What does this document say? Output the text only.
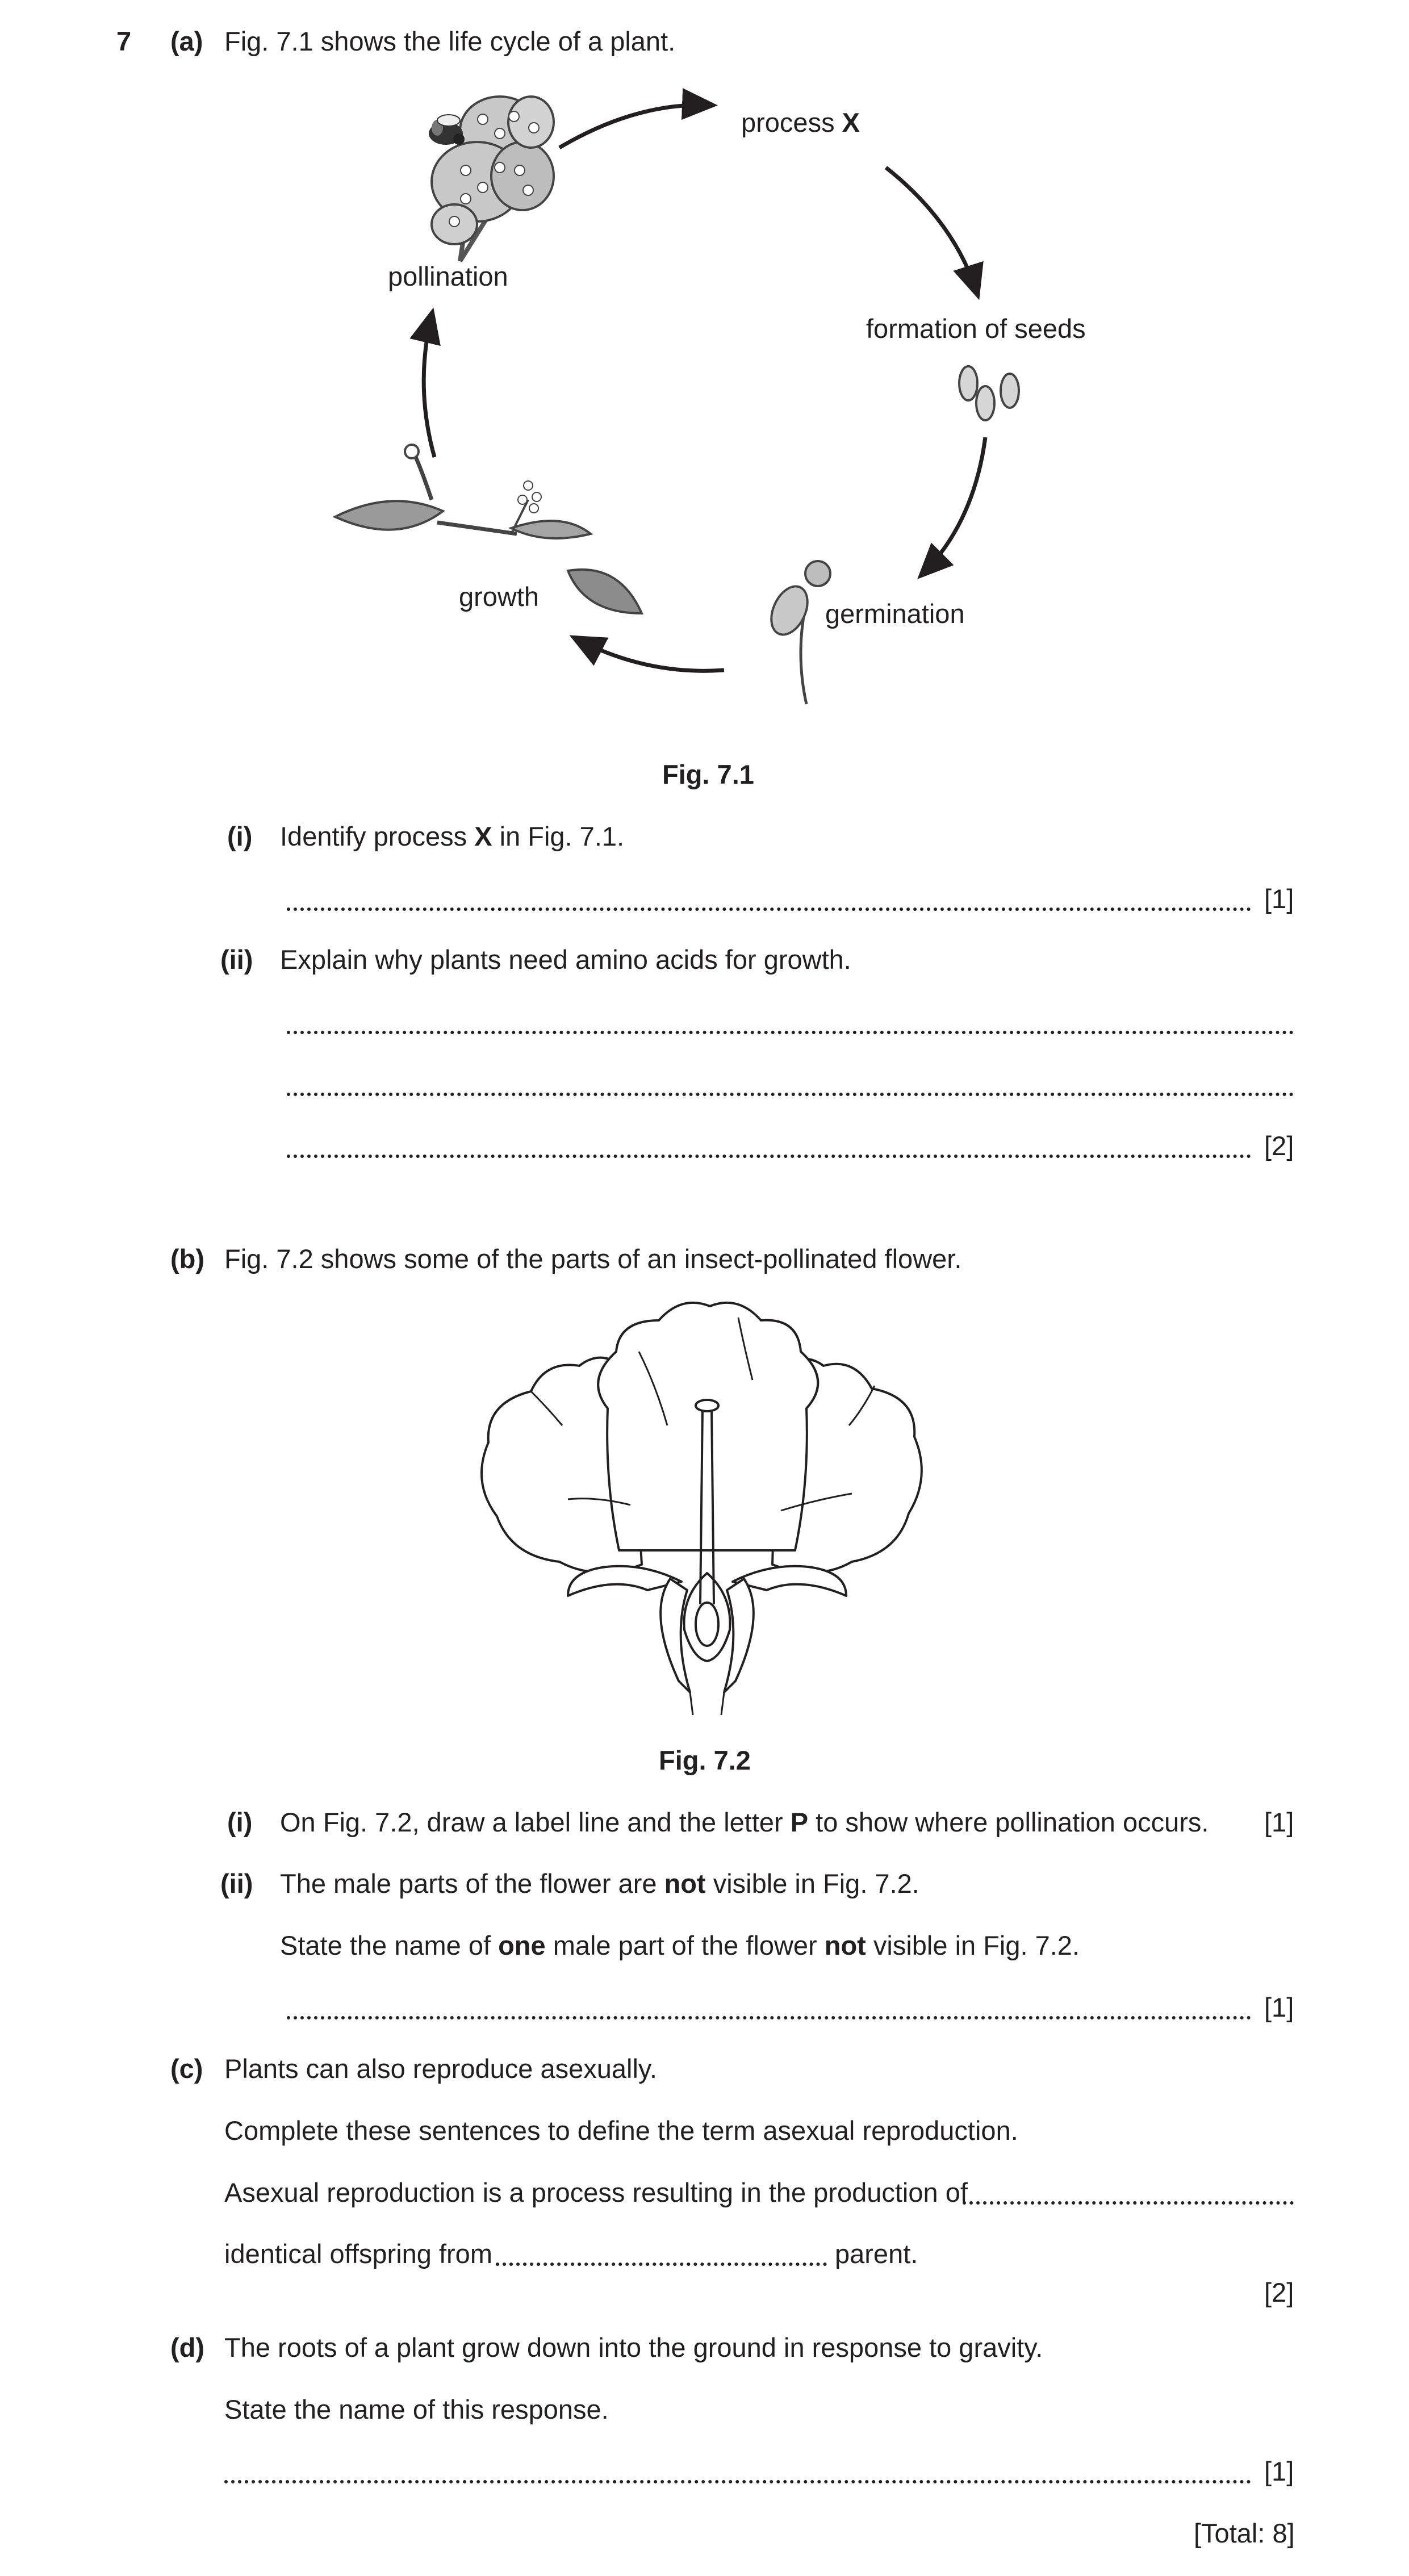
7 (a) Fig. 7.1 shows the life cycle of a plant.
process X
formation of seeds
germination
growth
pollination
Fig. 7.1
(i) Identify process X in Fig. 7.1.
[1]
(ii) Explain why plants need amino acids for growth.
[2]
(b) Fig. 7.2 shows some of the parts of an insect-pollinated flower.
Fig. 7.2
(i) On Fig. 7.2, draw a label line and the letter P to show where pollination occurs. [1]
(ii) The male parts of the flower are not visible in Fig. 7.2.
State the name of one male part of the flower not visible in Fig. 7.2.
[1]
(c) Plants can also reproduce asexually.
Complete these sentences to define the term asexual reproduction.
Asexual reproduction is a process resulting in the production of
identical offspring from	parent.
[2]
(d) The roots of a plant grow down into the ground in response to gravity.
State the name of this response.
[1]
[Total: 8]
